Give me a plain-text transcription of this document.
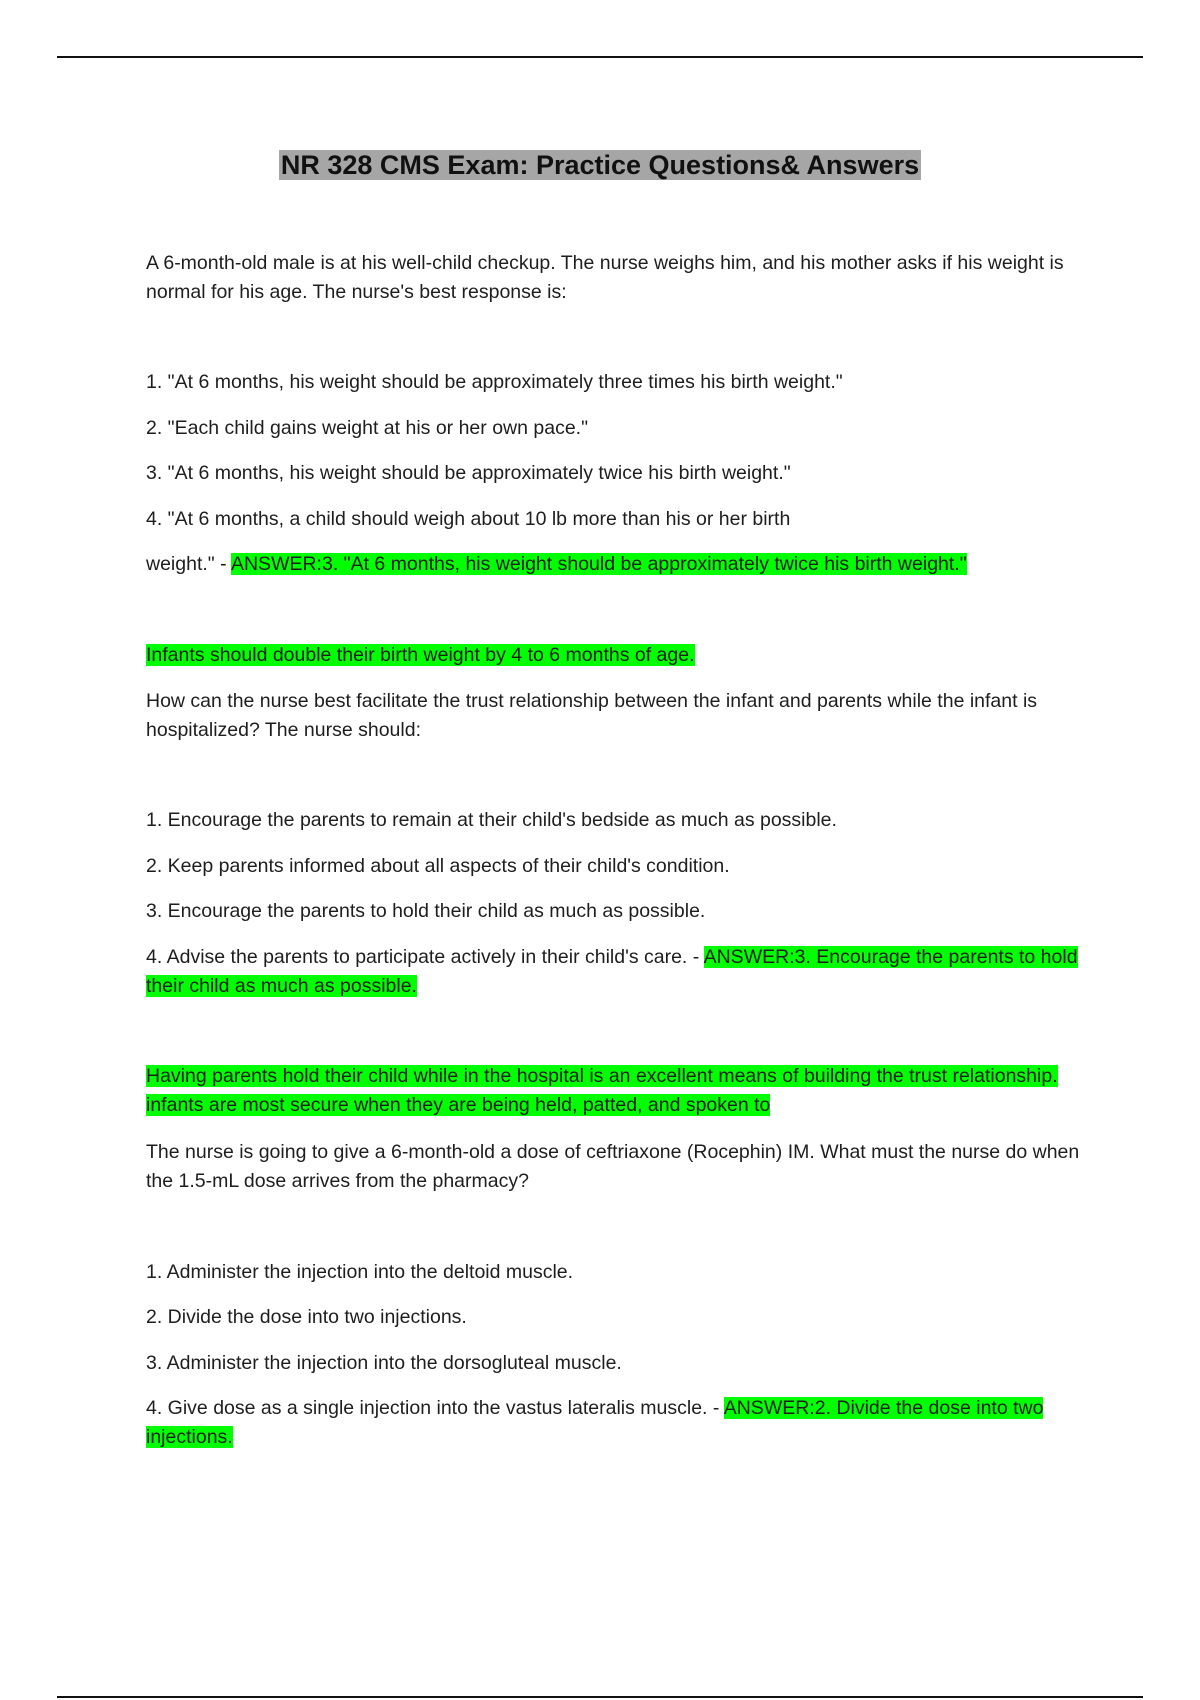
NR 328 CMS Exam: Practice Questions& Answers

A 6-month-old male is at his well-child checkup. The nurse weighs him, and his mother asks if his weight is normal for his age. The nurse's best response is:

1. "At 6 months, his weight should be approximately three times his birth weight."

2. "Each child gains weight at his or her own pace."

3. "At 6 months, his weight should be approximately twice his birth weight."

4. "At 6 months, a child should weigh about 10 lb more than his or her birth

weight." - ANSWER:3. "At 6 months, his weight should be approximately twice his birth weight."

Infants should double their birth weight by 4 to 6 months of age.

How can the nurse best facilitate the trust relationship between the infant and parents while the infant is hospitalized? The nurse should:

1. Encourage the parents to remain at their child's bedside as much as possible.

2. Keep parents informed about all aspects of their child's condition.

3. Encourage the parents to hold their child as much as possible.

4. Advise the parents to participate actively in their child's care. - ANSWER:3. Encourage the parents to hold their child as much as possible.

Having parents hold their child while in the hospital is an excellent means of building the trust relationship. infants are most secure when they are being held, patted, and spoken to

The nurse is going to give a 6-month-old a dose of ceftriaxone (Rocephin) IM. What must the nurse do when the 1.5-mL dose arrives from the pharmacy?

1. Administer the injection into the deltoid muscle.

2. Divide the dose into two injections.

3. Administer the injection into the dorsogluteal muscle.

4. Give dose as a single injection into the vastus lateralis muscle. - ANSWER:2. Divide the dose into two injections.
